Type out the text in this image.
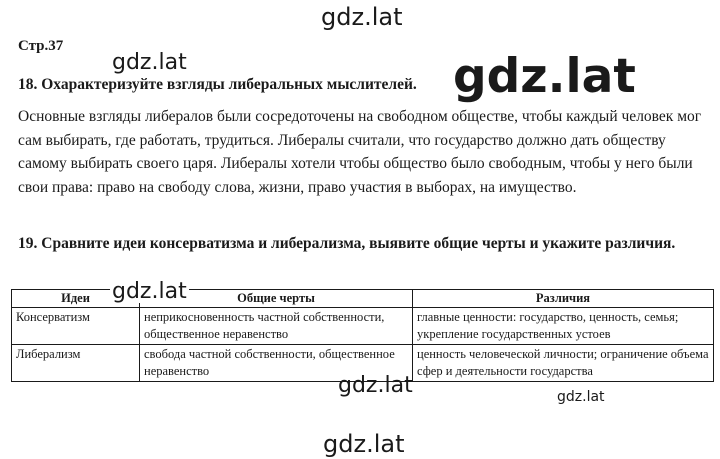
Стр.37

18. Охарактеризуйте взгляды либеральных мыслителей.

Основные взгляды либералов были сосредоточены на свободном обществе, чтобы каждый человек мог сам выбирать, где работать, трудиться. Либералы считали, что государство должно дать обществу самому выбирать своего царя. Либералы хотели чтобы общество было свободным, чтобы у него были свои права: право на свободу слова, жизни, право участия в выборах, на имущество.

19. Сравните идеи консерватизма и либерализма, выявите общие черты и укажите различия.

Идеи	Общие черты	Различия
Консерватизм	неприкосновенность частной собственности, общественное неравенство	главные ценности: государство, ценность, семья; укрепление государственных устоев
Либерализм	свобода частной собственности, общественное неравенство	ценность человеческой личности; ограничение объема сфер и деятельности государства
gdz.lat
gdz.lat	gdz.lat
gdz.lat
gdz.lat	gdz.lat
gdz.lat
